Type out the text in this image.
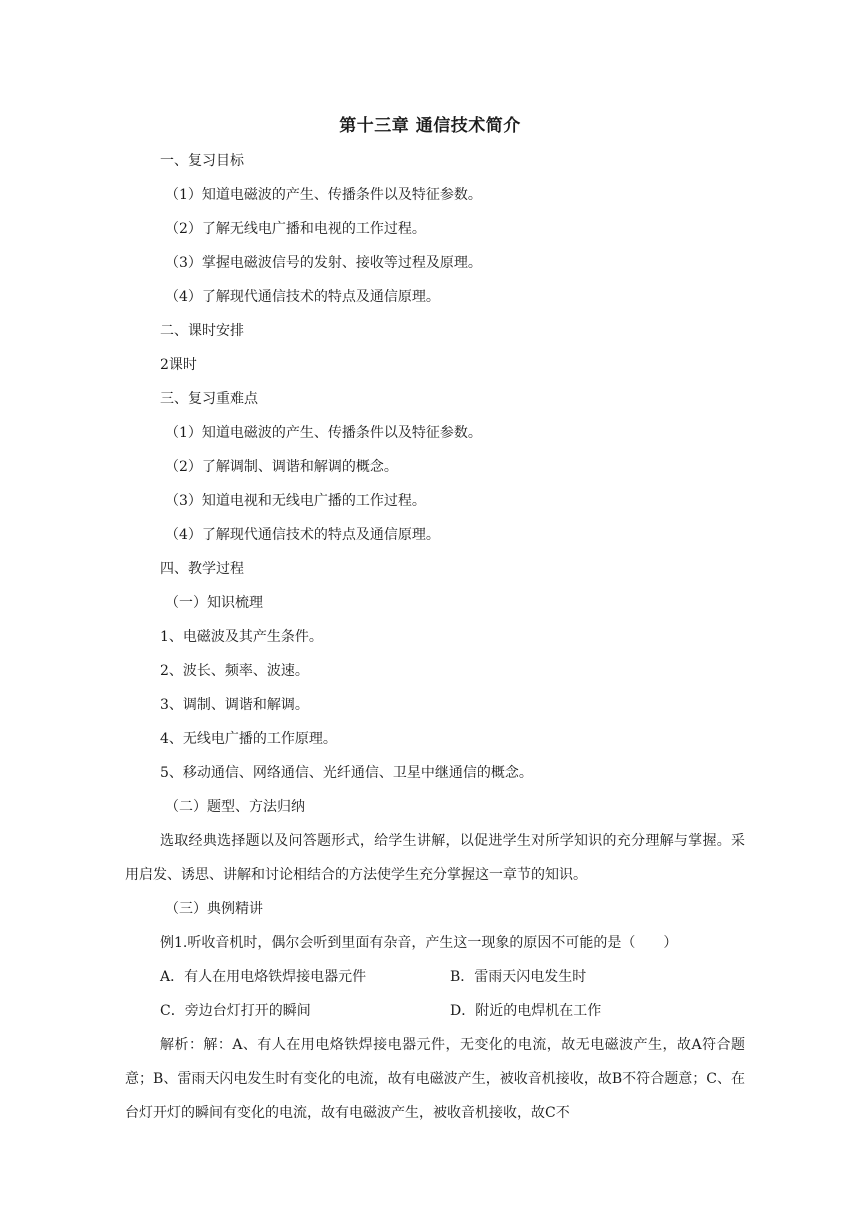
第十三章 通信技术简介

一、复习目标

（1）知道电磁波的产生、传播条件以及特征参数。

（2）了解无线电广播和电视的工作过程。

（3）掌握电磁波信号的发射、接收等过程及原理。

（4）了解现代通信技术的特点及通信原理。

二、课时安排

2课时

三、复习重难点

（1）知道电磁波的产生、传播条件以及特征参数。

（2）了解调制、调谐和解调的概念。

（3）知道电视和无线电广播的工作过程。

（4）了解现代通信技术的特点及通信原理。

四、教学过程

（一）知识梳理

1、电磁波及其产生条件。

2、波长、频率、波速。

3、调制、调谐和解调。

4、无线电广播的工作原理。

5、移动通信、网络通信、光纤通信、卫星中继通信的概念。

（二）题型、方法归纳

选取经典选择题以及问答题形式，给学生讲解，以促进学生对所学知识的充分理解与掌握。采用启发、诱思、讲解和讨论相结合的方法使学生充分掌握这一章节的知识。

（三）典例精讲

例1.听收音机时，偶尔会听到里面有杂音，产生这一现象的原因不可能的是（　　）

A．有人在用电烙铁焊接电器元件	B．雷雨天闪电发生时
C．旁边台灯打开的瞬间	D．附近的电焊机在工作

解析：解：A、有人在用电烙铁焊接电器元件，无变化的电流，故无电磁波产生，故A符合题意；B、雷雨天闪电发生时有变化的电流，故有电磁波产生，被收音机接收，故B不符合题意；C、在台灯开灯的瞬间有变化的电流，故有电磁波产生，被收音机接收，故C不
